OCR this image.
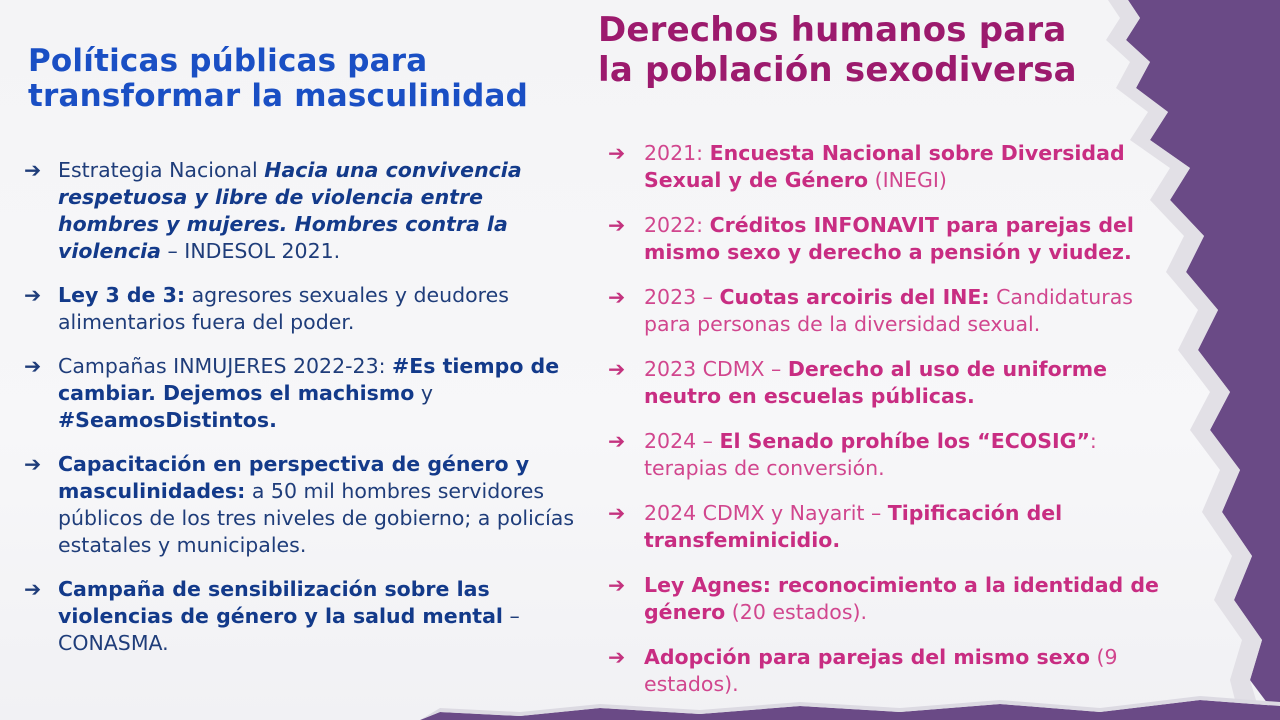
Políticas públicas para
transformar la masculinidad
➔ Estrategia Nacional Hacia una convivencia respetuosa y libre de violencia entre hombres y mujeres. Hombres contra la violencia – INDESOL 2021.
➔ Ley 3 de 3: agresores sexuales y deudores alimentarios fuera del poder.
➔ Campañas INMUJERES 2022-23: #Es tiempo de cambiar. Dejemos el machismo y #SeamosDistintos.
➔ Capacitación en perspectiva de género y masculinidades: a 50 mil hombres servidores públicos de los tres niveles de gobierno; a policías estatales y municipales.
➔ Campaña de sensibilización sobre las violencias de género y la salud mental – CONASMA.
Derechos humanos para
la población sexodiversa
➔ 2021: Encuesta Nacional sobre Diversidad Sexual y de Género (INEGI)
➔ 2022: Créditos INFONAVIT para parejas del mismo sexo y derecho a pensión y viudez.
➔ 2023 – Cuotas arcoiris del INE: Candidaturas para personas de la diversidad sexual.
➔ 2023 CDMX – Derecho al uso de uniforme neutro en escuelas públicas.
➔ 2024 – El Senado prohíbe los “ECOSIG”: terapias de conversión.
➔ 2024 CDMX y Nayarit – Tipificación del transfeminicidio.
➔ Ley Agnes: reconocimiento a la identidad de género (20 estados).
➔ Adopción para parejas del mismo sexo (9 estados).
